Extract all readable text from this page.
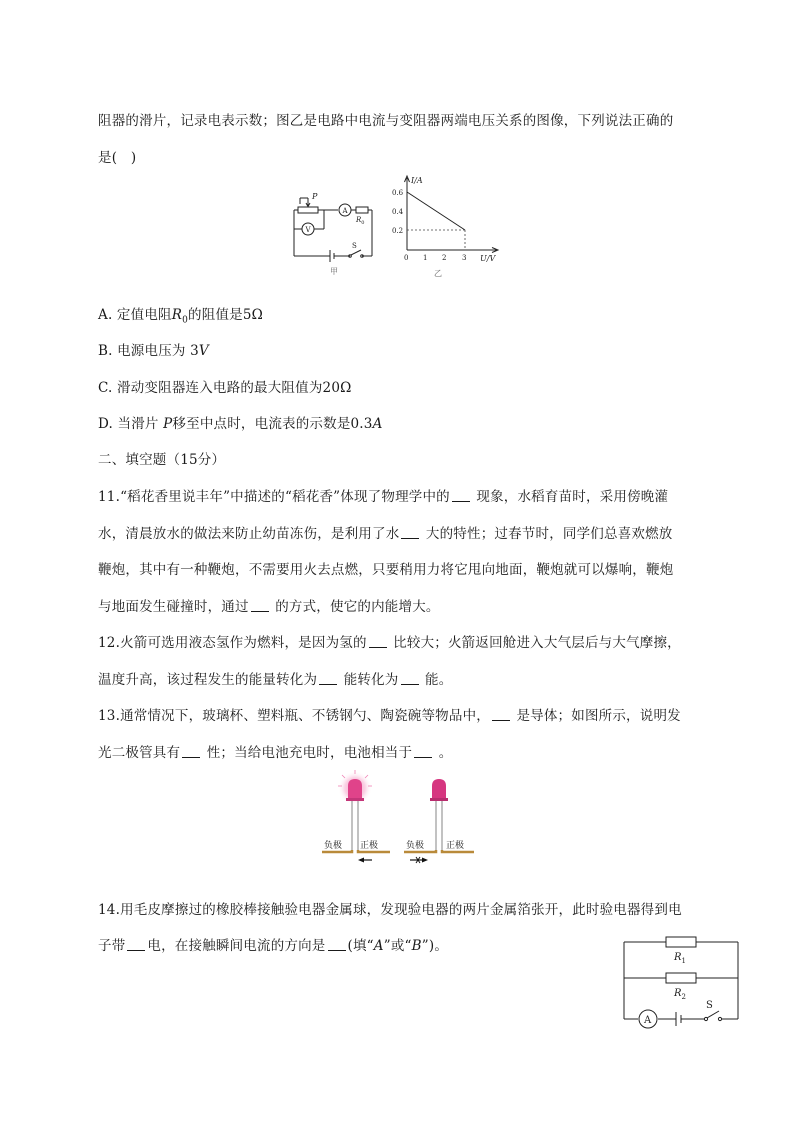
阻器的滑片，记录电表示数；图乙是电路中电流与变阻器两端电压关系的图像，下列说法正确的
是(　)
P
A
$R_0$
V
S
甲
I/A
0.6
0.4
0.2
0 1 2 3 U/V
乙
A. 定值电阻$R_0$的阻值是5Ω
B. 电源电压为 3V
C. 滑动变阻器连入电路的最大阻值为20Ω
D. 当滑片 P移至中点时，电流表的示数是0.3A
二、填空题（15分）
11.“稻花香里说丰年”中描述的“稻花香”体现了物理学中的 现象，水稻育苗时，采用傍晚灌
水，清晨放水的做法来防止幼苗冻伤，是利用了水 大的特性；过春节时，同学们总喜欢燃放
鞭炮，其中有一种鞭炮，不需要用火去点燃，只要稍用力将它甩向地面，鞭炮就可以爆响，鞭炮
与地面发生碰撞时，通过 的方式，使它的内能增大。
12.火箭可选用液态氢作为燃料，是因为氢的 比较大；火箭返回舱进入大气层后与大气摩擦，
温度升高，该过程发生的能量转化为 能转化为 能。
13.通常情况下，玻璃杯、塑料瓶、不锈钢勺、陶瓷碗等物品中， 是导体；如图所示，说明发
光二极管具有 性；当给电池充电时，电池相当于 。
负极 正极	负极 正极
14.用毛皮摩擦过的橡胶棒接触验电器金属球，发现验电器的两片金属箔张开，此时验电器得到电
子带 电，在接触瞬间电流的方向是 (填“A”或“B”)。
$R_1$
$R_2$
A
S
